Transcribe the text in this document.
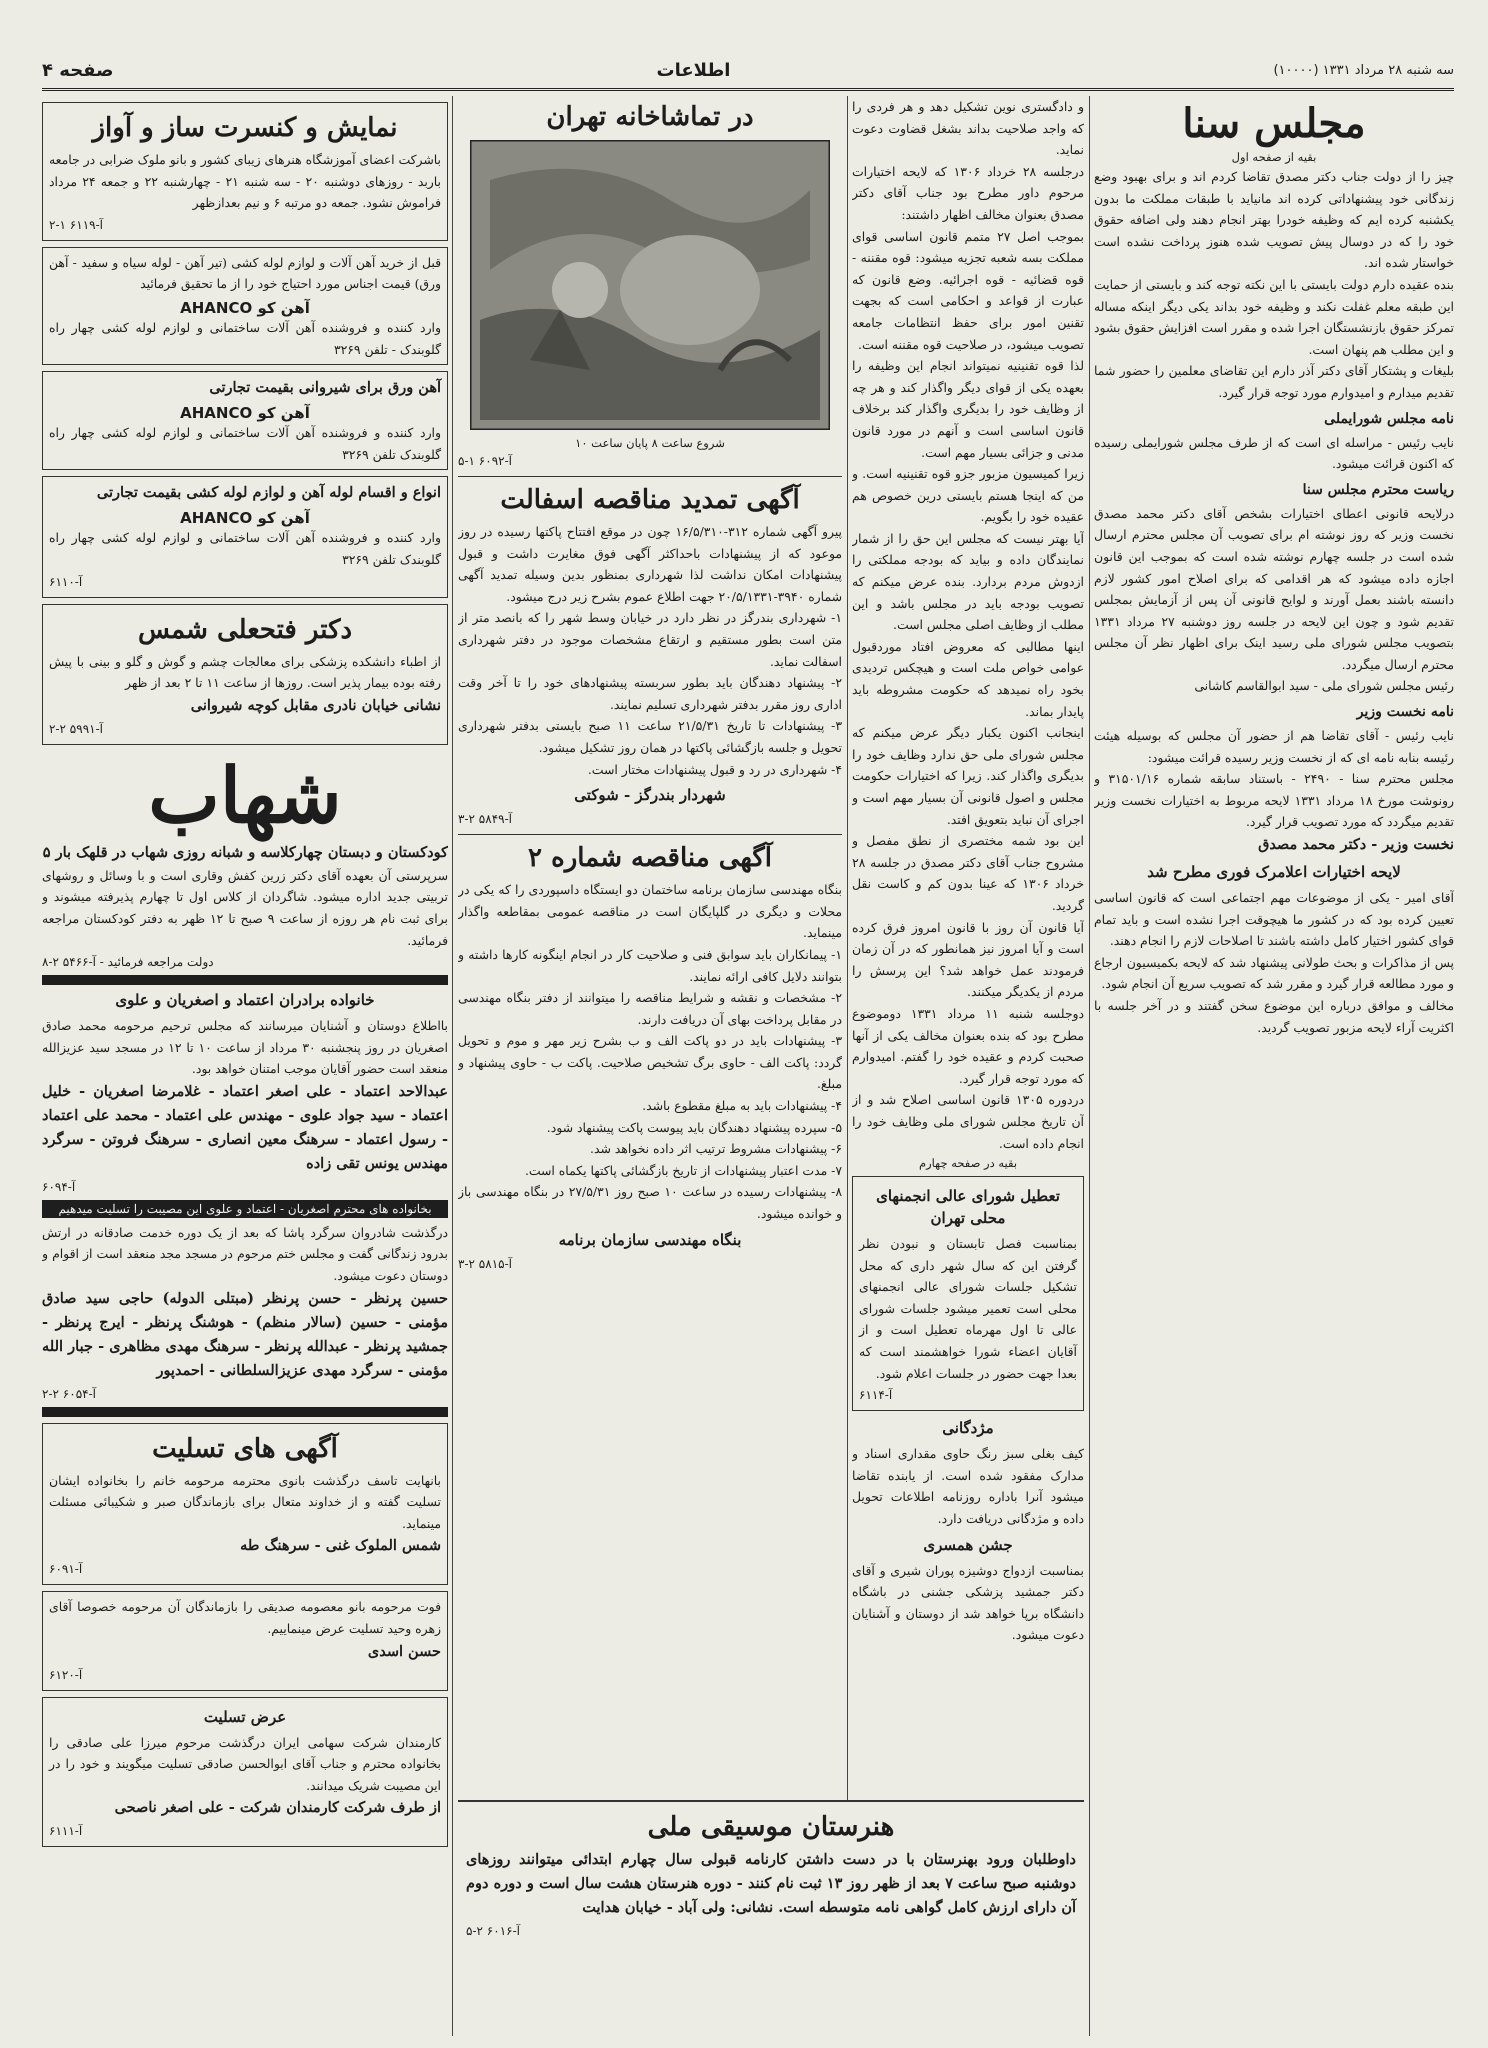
سه شنبه ۲۸ مرداد ۱۳۳۱ (۱۰۰۰۰)
اطلاعات
صفحه ۴
مجلس سنا
بقیه از صفحه اول

چیز را از دولت جناب دکتر مصدق تقاضا کردم اند و برای بهبود وضع زندگانی خود پیشنهاداتی کرده اند مانیاید با طبقات مملکت ما بدون یکشنبه کرده ایم که وظیفه خودرا بهتر انجام دهند ولی اضافه حقوق خود را که در دوسال پیش تصویب شده هنوز پرداخت نشده است خواستار شده اند.

بنده عقیده دارم دولت بایستی با این نکته توجه کند و بایستی از حمایت این طبقه معلم غفلت نکند و وظیفه خود بداند یکی دیگر اینکه مساله تمرکز حقوق بازنشستگان اجرا شده و مقرر است افزایش حقوق بشود و این مطلب هم پنهان است.

بلیغات و پشتکار آقای دکتر آذر دارم این تقاضای معلمین را حضور شما تقدیم میدارم و امیدوارم مورد توجه قرار گیرد.

نامه مجلس شورایملی

نایب رئیس - مراسله ای است که از طرف مجلس شورایملی رسیده که اکنون قرائت میشود.

ریاست محترم مجلس سنا

درلایحه قانونی اعطای اختیارات بشخص آقای دکتر محمد مصدق نخست وزیر که روز نوشته ام برای تصویب آن مجلس محترم ارسال شده است در جلسه چهارم نوشته شده است که بموجب این قانون اجازه داده میشود که هر اقدامی که برای اصلاح امور کشور لازم دانسته باشند بعمل آورند و لوایح قانونی آن پس از آزمایش بمجلس تقدیم شود و چون این لایحه در جلسه روز دوشنبه ۲۷ مرداد ۱۳۳۱ بتصویب مجلس شورای ملی رسید اینک برای اظهار نظر آن مجلس محترم ارسال میگردد.

رئیس مجلس شورای ملی - سید ابوالقاسم کاشانی

نامه نخست وزیر

نایب رئیس - آقای تقاضا هم از حضور آن مجلس که بوسیله هیئت رئیسه بنابه نامه ای که از نخست وزیر رسیده قرائت میشود:

مجلس محترم سنا - ۲۴۹۰ - باستناد سابقه شماره ۳۱۵۰۱/۱۶ و رونوشت مورخ ۱۸ مرداد ۱۳۳۱ لایحه مربوط به اختیارات نخست وزیر تقدیم میگردد که مورد تصویب قرار گیرد.

نخست وزیر - دکتر محمد مصدق

لایحه اختیارات اعلامرک فوری مطرح شد

آقای امیر - یکی از موضوعات مهم اجتماعی است که قانون اساسی تعیین کرده بود که در کشور ما هیچوقت اجرا نشده است و باید تمام قوای کشور اختیار کامل داشته باشند تا اصلاحات لازم را انجام دهند.

پس از مذاکرات و بحث طولانی پیشنهاد شد که لایحه بکمیسیون ارجاع و مورد مطالعه قرار گیرد و مقرر شد که تصویب سریع آن انجام شود.

مخالف و موافق درباره این موضوع سخن گفتند و در آخر جلسه با اکثریت آراء لایحه مزبور تصویب گردید.

و دادگستری نوین تشکیل دهد و هر فردی را که واجد صلاحیت بداند بشغل قضاوت دعوت نماید.

درجلسه ۲۸ خرداد ۱۳۰۶ که لایحه اختیارات مرحوم داور مطرح بود جناب آقای دکتر مصدق بعنوان مخالف اظهار داشتند:

بموجب اصل ۲۷ متمم قانون اساسی قوای مملکت بسه شعبه تجزیه میشود: قوه مقننه - قوه قضائیه - قوه اجرائیه. وضع قانون که عبارت از قواعد و احکامی است که بجهت تقنین امور برای حفظ انتظامات جامعه تصویب میشود، در صلاحیت قوه مقننه است.

لذا قوه تقنینیه نمیتواند انجام این وظیفه را بعهده یکی از قوای دیگر واگذار کند و هر چه از وظایف خود را بدیگری واگذار کند برخلاف قانون اساسی است و آنهم در مورد قانون مدنی و جزائی بسیار مهم است.

زیرا کمیسیون مزبور جزو قوه تقنینیه است. و من که اینجا هستم بایستی درین خصوص هم عقیده خود را بگویم.

آیا بهتر نیست که مجلس این حق را از شمار نمایندگان داده و بیاید که بودجه مملکتی را ازدوش مردم بردارد. بنده عرض میکنم که تصویب بودجه باید در مجلس باشد و این مطلب از وظایف اصلی مجلس است.

اینها مطالبی که معروض افتاد موردقبول عوامی خواص ملت است و هیچکس تردیدی بخود راه نمیدهد که حکومت مشروطه باید پایدار بماند.

اینجانب اکنون یکبار دیگر عرض میکنم که مجلس شورای ملی حق ندارد وظایف خود را بدیگری واگذار کند. زیرا که اختیارات حکومت مجلس و اصول قانونی آن بسیار مهم است و اجرای آن نباید بتعویق افتد.

این بود شمه مختصری از نطق مفصل و مشروح جناب آقای دکتر مصدق در جلسه ۲۸ خرداد ۱۳۰۶ که عینا بدون کم و کاست نقل گردید.

آیا قانون آن روز با قانون امروز فرق کرده است و آیا امروز نیز همانطور که در آن زمان فرمودند عمل خواهد شد؟ این پرسش را مردم از یکدیگر میکنند.

دوجلسه شنبه ۱۱ مرداد ۱۳۳۱ دوموضوع مطرح بود که بنده بعنوان مخالف یکی از آنها صحبت کردم و عقیده خود را گفتم. امیدوارم که مورد توجه قرار گیرد.

دردوره ۱۳۰۵ قانون اساسی اصلاح شد و از آن تاریخ مجلس شورای ملی وظایف خود را انجام داده است.

بقیه در صفحه چهارم
تعطیل شورای عالی انجمنهای محلی تهران

بمناسبت فصل تابستان و نبودن نظر گرفتن این که سال شهر داری که محل تشکیل جلسات شورای عالی انجمنهای محلی است تعمیر میشود جلسات شورای عالی تا اول مهرماه تعطیل است و از آقایان اعضاء شورا خواهشمند است که بعدا جهت حضور در جلسات اعلام شود.

آ-۶۱۱۴
مژدگانی

کیف بغلی سبز رنگ حاوی مقداری اسناد و مدارک مفقود شده است. از یابنده تقاضا میشود آنرا باداره روزنامه اطلاعات تحویل داده و مژدگانی دریافت دارد.

جشن همسری

بمناسبت ازدواج دوشیزه پوران شیری و آقای دکتر جمشید پزشکی جشنی در باشگاه دانشگاه برپا خواهد شد از دوستان و آشنایان دعوت میشود.

در تماشاخانه تهران
شروع ساعت ۸ پایان ساعت ۱۰
آ-۶۰۹۲ ۱-۵
آگهی تمدید مناقصه اسفالت

پیرو آگهی شماره ۳۱۲-۱۶/۵/۳۱۰ چون در موقع افتتاح پاکتها رسیده در روز موعود که از پیشنهادات باحداکثر آگهی فوق مغایرت داشت و قبول پیشنهادات امکان نداشت لذا شهرداری بمنظور بدین وسیله تمدید آگهی شماره ۳۹۴۰-۲۰/۵/۱۳۳۱ جهت اطلاع عموم بشرح زیر درج میشود.

۱- شهرداری بندرگز در نظر دارد در خیابان وسط شهر را که بانصد متر از متن است بطور مستقیم و ارتقاع مشخصات موجود در دفتر شهرداری اسفالت نماید.

۲- پیشنهاد دهندگان باید بطور سربسته پیشنهادهای خود را تا آخر وقت اداری روز مقرر بدفتر شهرداری تسلیم نمایند.

۳- پیشنهادات تا تاریخ ۲۱/۵/۳۱ ساعت ۱۱ صبح بایستی بدفتر شهرداری تحویل و جلسه بازگشائی پاکتها در همان روز تشکیل میشود.

۴- شهرداری در رد و قبول پیشنهادات مختار است.

شهردار بندرگز - شوکتی
آ-۵۸۴۹ ۲-۳
آگهی مناقصه شماره ۲

بنگاه مهندسی سازمان برنامه ساختمان دو ایستگاه داسپوردی را که یکی در محلات و دیگری در گلپایگان است در مناقصه عمومی بمقاطعه واگذار مینماید.

۱- پیمانکاران باید سوابق فنی و صلاحیت کار در انجام اینگونه کارها داشته و بتوانند دلایل کافی ارائه نمایند.

۲- مشخصات و نقشه و شرایط مناقصه را میتوانند از دفتر بنگاه مهندسی در مقابل پرداخت بهای آن دریافت دارند.

۳- پیشنهادات باید در دو پاکت الف و ب بشرح زیر مهر و موم و تحویل گردد: پاکت الف - حاوی برگ تشخیص صلاحیت. پاکت ب - حاوی پیشنهاد و مبلغ.

۴- پیشنهادات باید به مبلغ مقطوع باشد.

۵- سپرده پیشنهاد دهندگان باید پیوست پاکت پیشنهاد شود.

۶- پیشنهادات مشروط ترتیب اثر داده نخواهد شد.

۷- مدت اعتبار پیشنهادات از تاریخ بازگشائی پاکتها یکماه است.

۸- پیشنهادات رسیده در ساعت ۱۰ صبح روز ۲۷/۵/۳۱ در بنگاه مهندسی باز و خوانده میشود.

بنگاه مهندسی سازمان برنامه
آ-۵۸۱۵ ۲-۳
نمایش و کنسرت ساز و آواز

باشرکت اعضای آموزشگاه هنرهای زیبای کشور و بانو ملوک ضرابی در جامعه باربد - روزهای دوشنبه ۲۰ - سه شنبه ۲۱ - چهارشنبه ۲۲ و جمعه ۲۴ مرداد فراموش نشود. جمعه دو مرتبه ۶ و نیم بعدازظهر

آ-۶۱۱۹ ۱-۲

قبل از خرید آهن آلات و لوازم لوله کشی (تیر آهن - لوله سیاه و سفید - آهن ورق) قیمت اجناس مورد احتیاج خود را از ما تحقیق فرمائید

آهن کو AHANCO

وارد کننده و فروشنده آهن آلات ساختمانی و لوازم لوله کشی چهار راه گلوبندک - تلفن ۳۲۶۹

آهن ورق برای شیروانی بقیمت تجارتی

آهن کو AHANCO

وارد کننده و فروشنده آهن آلات ساختمانی و لوازم لوله کشی چهار راه گلوبندک تلفن ۳۲۶۹

انواع و اقسام لوله آهن و لوازم لوله کشی بقیمت تجارتی

آهن کو AHANCO

وارد کننده و فروشنده آهن آلات ساختمانی و لوازم لوله کشی چهار راه گلوبندک تلفن ۳۲۶۹

آ-۶۱۱۰
دکتر فتحعلی شمس

از اطباء دانشکده پزشکی برای معالجات چشم و گوش و گلو و بینی با پیش رفته بوده بیمار پذیر است. روزها از ساعت ۱۱ تا ۲ بعد از ظهر

نشانی خیابان نادری مقابل کوچه شیروانی

آ-۵۹۹۱ ۲-۲
شهاب

کودکستان و دبستان چهارکلاسه و شبانه روزی شهاب در قلهک بار ۵

سرپرستی آن بعهده آقای دکتر زرین کفش وقاری است و با وسائل و روشهای تربیتی جدید اداره میشود. شاگردان از کلاس اول تا چهارم پذیرفته میشوند و برای ثبت نام هر روزه از ساعت ۹ صبح تا ۱۲ ظهر به دفتر کودکستان مراجعه فرمائید.

دولت مراجعه فرمائید - آ-۵۴۶۶ ۲-۸
خانواده برادران اعتماد و اصغریان و علوی

بااطلاع دوستان و آشنایان میرسانند که مجلس ترحیم مرحومه محمد صادق اصغریان در روز پنجشنبه ۳۰ مرداد از ساعت ۱۰ تا ۱۲ در مسجد سید عزیزالله منعقد است حضور آقایان موجب امتنان خواهد بود.

عبدالاحد اعتماد - علی اصغر اعتماد - غلامرضا اصغریان - خلیل اعتماد - سید جواد علوی - مهندس علی اعتماد - محمد علی اعتماد - رسول اعتماد - سرهنگ معین انصاری - سرهنگ فروتن - سرگرد مهندس یونس تقی زاده

آ-۶۰۹۴
بخانواده های محترم اصغریان - اعتماد و علوی این مصیبت را تسلیت میدهیم

درگذشت شادروان سرگرد پاشا که بعد از یک دوره خدمت صادقانه در ارتش بدرود زندگانی گفت و مجلس ختم مرحوم در مسجد مجد منعقد است از اقوام و دوستان دعوت میشود.

حسین پرنظر - حسن پرنظر (مبتلی الدوله) حاجی سید صادق مؤمنی - حسین (سالار منظم) - هوشنگ پرنظر - ایرج پرنظر - جمشید پرنظر - عبدالله پرنظر - سرهنگ مهدی مظاهری - جبار الله مؤمنی - سرگرد مهدی عزیزالسلطانی - احمدپور

آ-۶۰۵۴ ۲-۲
آگهی های تسلیت

بانهایت تاسف درگذشت بانوی محترمه مرحومه خانم را بخانواده ایشان تسلیت گفته و از خداوند متعال برای بازماندگان صبر و شکیبائی مسئلت مینماید.

شمس الملوک غنی - سرهنگ طه

آ-۶۰۹۱

فوت مرحومه بانو معصومه صدیقی را بازماندگان آن مرحومه خصوصا آقای زهره وحید تسلیت عرض مینماییم.

حسن اسدی

آ-۶۱۲۰
عرض تسلیت

کارمندان شرکت سهامی ایران درگذشت مرحوم میرزا علی صادقی را بخانواده محترم و جناب آقای ابوالحسن صادقی تسلیت میگویند و خود را در این مصیبت شریک میدانند.

از طرف شرکت کارمندان شرکت - علی اصغر ناصحی

آ-۶۱۱۱	هنرستان موسیقی ملی

داوطلبان ورود بهنرستان با در دست داشتن کارنامه قبولی سال چهارم ابتدائی میتوانند روزهای دوشنبه صبح ساعت ۷ بعد از ظهر روز ۱۳ ثبت نام کنند - دوره هنرستان هشت سال است و دوره دوم آن دارای ارزش کامل گواهی نامه متوسطه است. نشانی: ولی آباد - خیابان هدایت

آ-۶۰۱۶ ۲-۵
